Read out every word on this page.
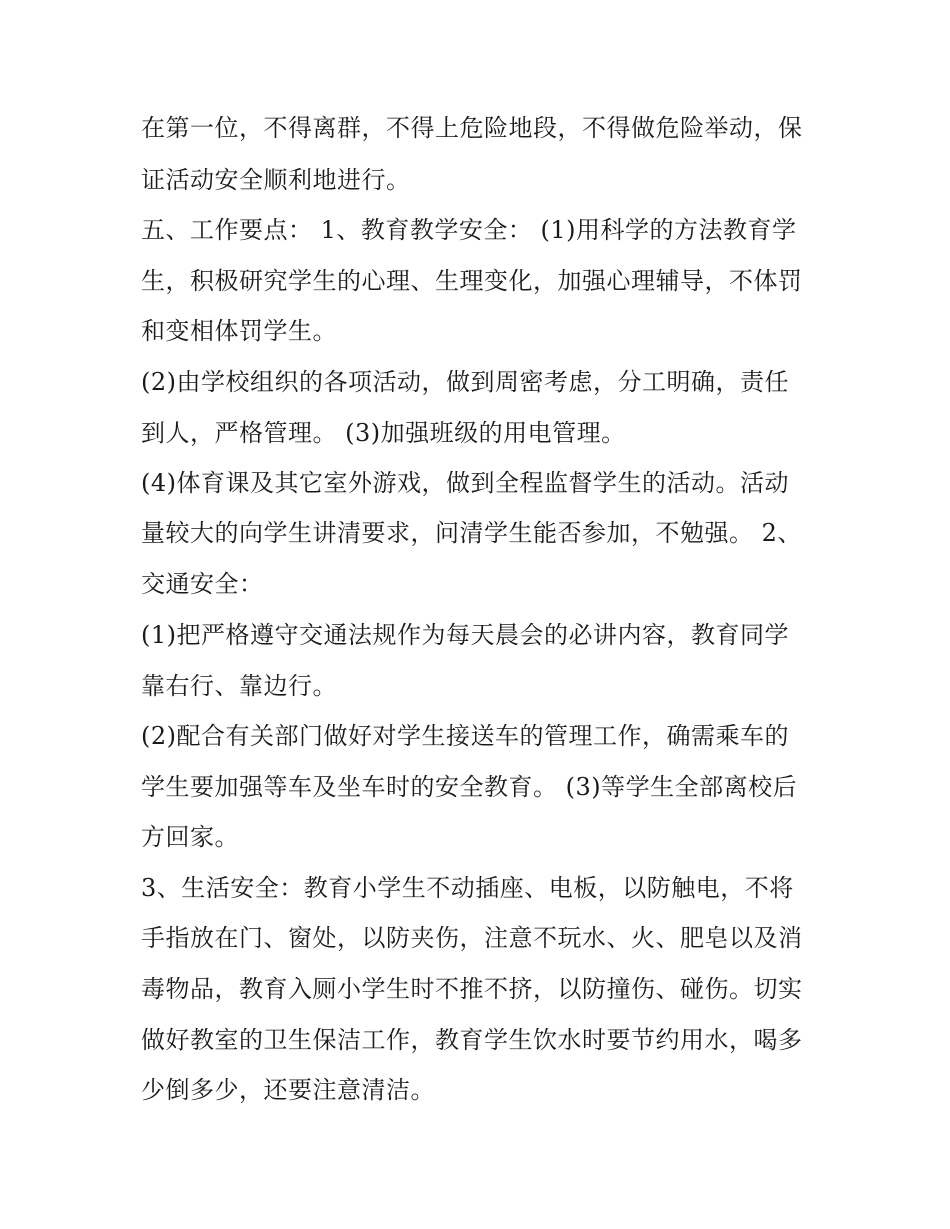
在第一位，不得离群，不得上危险地段，不得做危险举动，保
证活动安全顺利地进行。
五、工作要点： 1、教育教学安全： (1)用科学的方法教育学
生，积极研究学生的心理、生理变化，加强心理辅导，不体罚
和变相体罚学生。
(2)由学校组织的各项活动，做到周密考虑，分工明确，责任
到人，严格管理。 (3)加强班级的用电管理。
(4)体育课及其它室外游戏，做到全程监督学生的活动。活动
量较大的向学生讲清要求，问清学生能否参加，不勉强。 2、
交通安全：
(1)把严格遵守交通法规作为每天晨会的必讲内容，教育同学
靠右行、靠边行。
(2)配合有关部门做好对学生接送车的管理工作，确需乘车的
学生要加强等车及坐车时的安全教育。 (3)等学生全部离校后
方回家。
3、生活安全：教育小学生不动插座、电板，以防触电，不将
手指放在门、窗处，以防夹伤，注意不玩水、火、肥皂以及消
毒物品，教育入厕小学生时不推不挤，以防撞伤、碰伤。切实
做好教室的卫生保洁工作，教育学生饮水时要节约用水，喝多
少倒多少，还要注意清洁。
